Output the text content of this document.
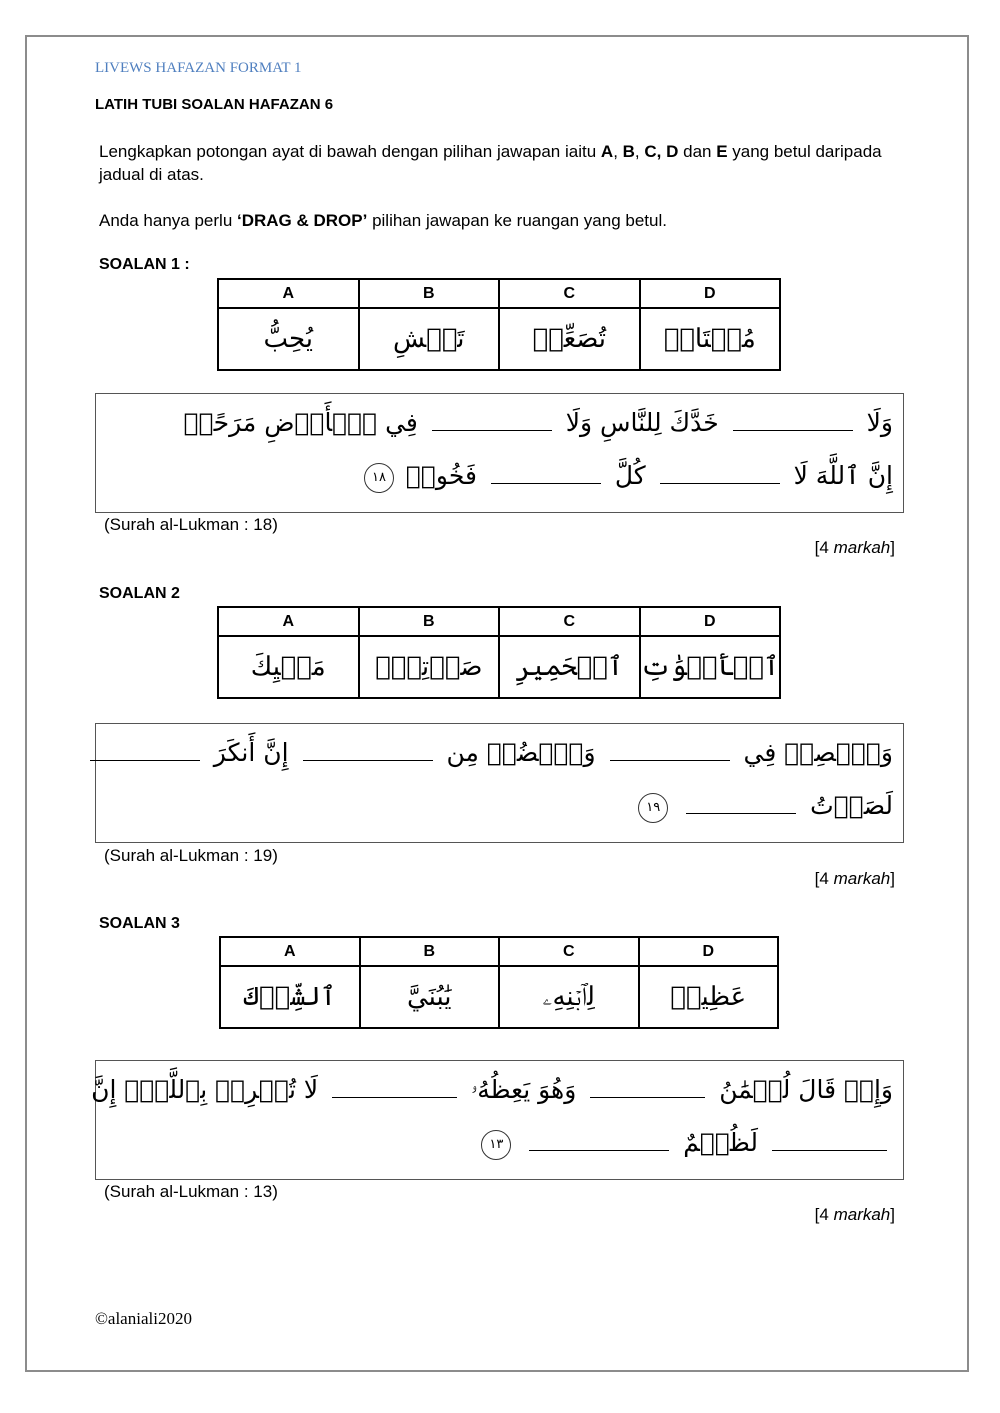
LIVEWS HAFAZAN FORMAT 1
LATIH TUBI SOALAN HAFAZAN 6
Lengkapkan potongan ayat di bawah dengan pilihan jawapan iaitu A, B, C, D dan E yang betul daripada jadual di atas.
Anda hanya perlu ‘DRAG & DROP’ pilihan jawapan ke ruangan yang betul.
SOALAN 1 :
A	B	C	D
يُحِبُّ	تَمۡشِ	تُصَعِّرۡ	مُخۡتَالٖ
وَلَا  خَدَّكَ لِلنَّاسِ وَلَا  فِي ٱلۡأَرۡضِ مَرَحًاۖ
إِنَّ ٱللَّهَ لَا  كُلَّ  فَخُورٖ ١٨
(Surah al-Lukman : 18)
[4 markah]
SOALAN 2
A	B	C	D
مَشۡيِكَ	صَوۡتِكَۚ	ٱلۡحَمِيرِ	ٱلۡأَصۡوَٰتِ
وَٱقۡصِدۡ فِي  وَٱغۡضُضۡ مِن  إِنَّ أَنكَرَ
لَصَوۡتُ  ١٩
(Surah al-Lukman : 19)
[4 markah]
SOALAN 3
A	B	C	D
ٱلشِّرۡكَ	يَٰبُنَيَّ	لِٱبۡنِهِۦ	عَظِيمٞ
وَإِذۡ قَالَ لُقۡمَٰنُ  وَهُوَ يَعِظُهُۥ  لَا تُشۡرِكۡ بِٱللَّهِۖ إِنَّ
لَظُلۡمٌ  ١٣
(Surah al-Lukman : 13)
[4 markah]
©alaniali2020
